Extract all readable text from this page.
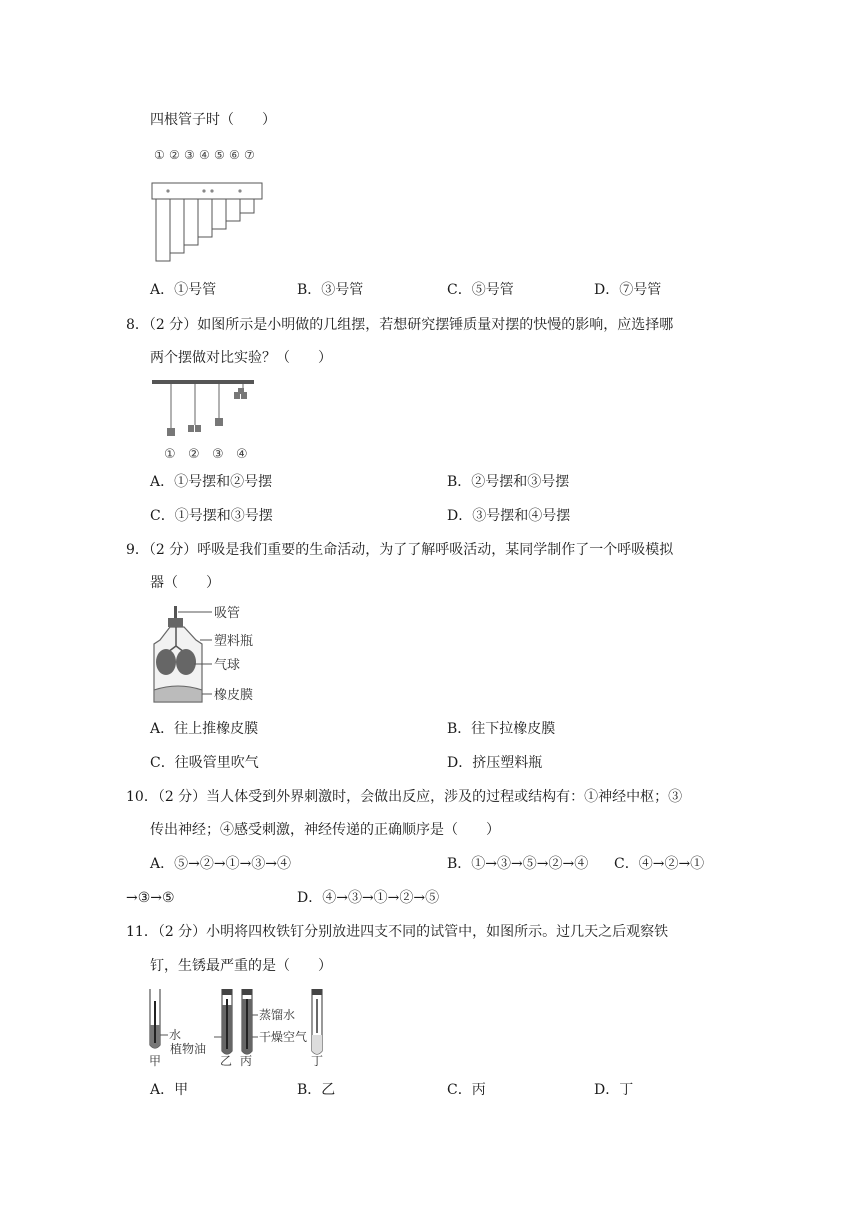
四根管子时（　　）
① ② ③ ④ ⑤ ⑥ ⑦
A．①号管	B．③号管	C．⑤号管	D．⑦号管
8．（2 分）如图所示是小明做的几组摆，若想研究摆锤质量对摆的快慢的影响，应选择哪
两个摆做对比实验？（　　）
① ② ③ ④
A．①号摆和②号摆	B．②号摆和③号摆
C．①号摆和③号摆	D．③号摆和④号摆
9．（2 分）呼吸是我们重要的生命活动，为了了解呼吸活动，某同学制作了一个呼吸模拟
器（　　）
吸管
塑料瓶
气球
橡皮膜
A．往上推橡皮膜	B．往下拉橡皮膜
C．往吸管里吹气	D．挤压塑料瓶
10．（2 分）当人体受到外界刺激时，会做出反应，涉及的过程或结构有：①神经中枢；③
传出神经；④感受刺激，神经传递的正确顺序是（　　）
A．⑤→②→①→③→④	B．①→③→⑤→②→④ C．④→②→①
→③→⑤	D．④→③→①→②→⑤
11．（2 分）小明将四枚铁钉分别放进四支不同的试管中，如图所示。过几天之后观察铁
钉，生锈最严重的是（　　）
水
植物油
蒸馏水
干燥空气
甲	乙 丙	丁
A．甲	B．乙	C．丙	D．丁
